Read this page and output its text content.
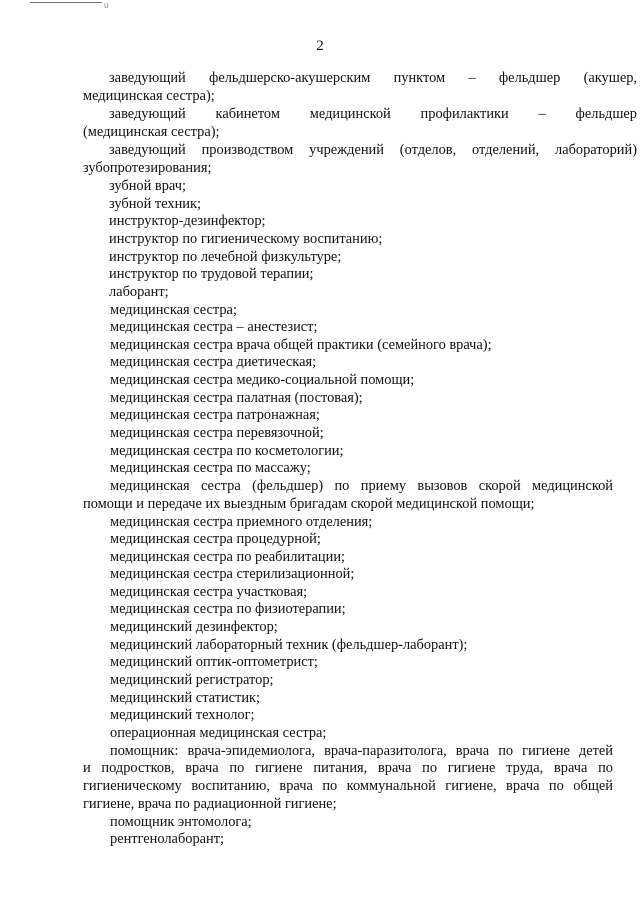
u
2
заведующий фельдшерско-акушерским пунктом – фельдшер (акушер,
медицинская сестра);
заведующий кабинетом медицинской профилактики – фельдшер
(медицинская сестра);
заведующий производством учреждений (отделов, отделений, лабораторий)
зубопротезирования;
зубной врач;
зубной техник;
инструктор-дезинфектор;
инструктор по гигиеническому воспитанию;
инструктор по лечебной физкультуре;
инструктор по трудовой терапии;
лаборант;
медицинская сестра;
медицинская сестра – анестезист;
медицинская сестра врача общей практики (семейного врача);
медицинская сестра диетическая;
медицинская сестра медико-социальной помощи;
медицинская сестра палатная (постовая);
медицинская сестра патронажная;
медицинская сестра перевязочной;
медицинская сестра по косметологии;
медицинская сестра по массажу;
медицинская сестра (фельдшер) по приему вызовов скорой медицинской
помощи и передаче их выездным бригадам скорой медицинской помощи;
медицинская сестра приемного отделения;
медицинская сестра процедурной;
медицинская сестра по реабилитации;
медицинская сестра стерилизационной;
медицинская сестра участковая;
медицинская сестра по физиотерапии;
медицинский дезинфектор;
медицинский лабораторный техник (фельдшер-лаборант);
медицинский оптик-оптометрист;
медицинский регистратор;
медицинский статистик;
медицинский технолог;
операционная медицинская сестра;
помощник: врача-эпидемиолога, врача-паразитолога, врача по гигиене детей
и подростков, врача по гигиене питания, врача по гигиене труда, врача по
гигиеническому воспитанию, врача по коммунальной гигиене, врача по общей
гигиене, врача по радиационной гигиене;
помощник энтомолога;
рентгенолаборант;
